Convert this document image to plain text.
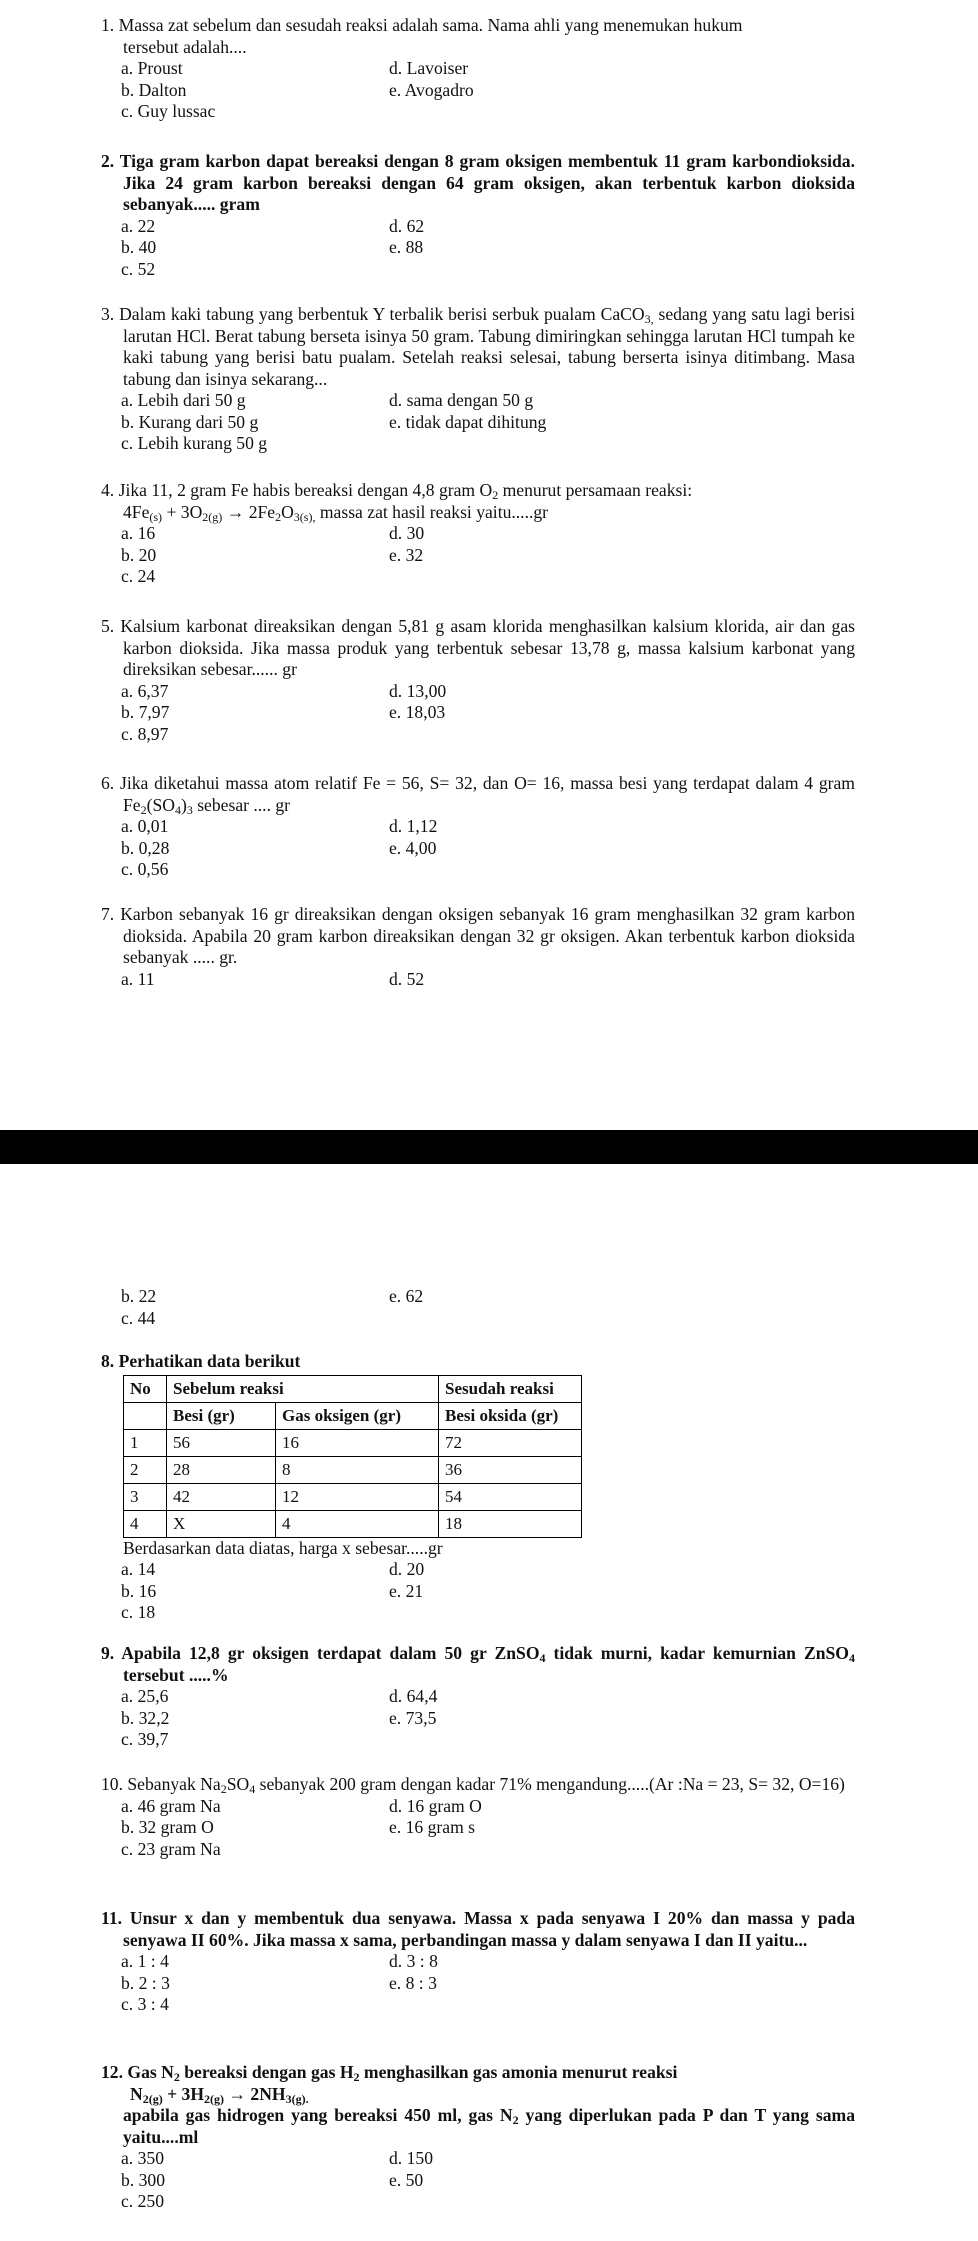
1. Massa zat sebelum dan sesudah reaksi adalah sama. Nama ahli yang menemukan hukum

tersebut adalah....

a. Proust	d. Lavoiser
b. Dalton	e. Avogadro
c. Guy lussac

2. Tiga gram karbon dapat bereaksi dengan 8 gram oksigen membentuk 11 gram karbondioksida. Jika 24 gram karbon bereaksi dengan 64 gram oksigen, akan terbentuk karbon dioksida sebanyak..... gram

a. 22	d. 62
b. 40	e. 88
c. 52

3. Dalam kaki tabung yang berbentuk Y terbalik berisi serbuk pualam CaCO$_{3,}$ sedang yang satu lagi berisi larutan HCl. Berat tabung berseta isinya 50 gram. Tabung dimiringkan sehingga larutan HCl tumpah ke kaki tabung yang berisi batu pualam. Setelah reaksi selesai, tabung berserta isinya ditimbang. Masa tabung dan isinya sekarang...

a. Lebih dari 50 g	d. sama dengan 50 g
b. Kurang dari 50 g	e. tidak dapat dihitung
c. Lebih kurang 50 g

4. Jika 11, 2 gram Fe habis bereaksi dengan 4,8 gram $O_2$ menurut persamaan reaksi:

$4Fe_{(s)} + 3O_{2(g)} \to 2Fe_2O_{3(s),}$ massa zat hasil reaksi yaitu.....gr

a. 16	d. 30
b. 20	e. 32
c. 24

5. Kalsium karbonat direaksikan dengan 5,81 g asam klorida menghasilkan kalsium klorida, air dan gas karbon dioksida. Jika massa produk yang terbentuk sebesar 13,78 g, massa kalsium karbonat yang direksikan sebesar...... gr

a. 6,37	d. 13,00
b. 7,97	e. 18,03
c. 8,97

6. Jika diketahui massa atom relatif Fe = 56, S= 32, dan O= 16, massa besi yang terdapat dalam 4 gram $Fe_2(SO_4)_3$ sebesar .... gr

a. 0,01	d. 1,12
b. 0,28	e. 4,00
c. 0,56

7. Karbon sebanyak 16 gr direaksikan dengan oksigen sebanyak 16 gram menghasilkan 32 gram karbon dioksida. Apabila 20 gram karbon direaksikan dengan 32 gr oksigen. Akan terbentuk karbon dioksida sebanyak ..... gr.

a. 11	d. 52
b. 22	e. 62
c. 44

8. Perhatikan data berikut

No	Sebelum reaksi		Sesudah reaksi
	Besi (gr)	Gas oksigen (gr)	Besi oksida (gr)
1	56	16	72
2	28	8	36
3	42	12	54
4	X	4	18

Berdasarkan data diatas, harga x sebesar.....gr

a. 14	d. 20
b. 16	e. 21
c. 18

9. Apabila 12,8 gr oksigen terdapat dalam 50 gr ZnSO$_4$ tidak murni, kadar kemurnian ZnSO$_4$ tersebut .....%

a. 25,6	d. 64,4
b. 32,2	e. 73,5
c. 39,7

10. Sebanyak $Na_2SO_4$ sebanyak 200 gram dengan kadar 71% mengandung.....(Ar :Na = 23, S= 32, O=16)

a. 46 gram Na	d. 16 gram O
b. 32 gram O	e. 16 gram s
c. 23 gram Na

11. Unsur x dan y membentuk dua senyawa. Massa x pada senyawa I 20% dan massa y pada senyawa II 60%. Jika massa x sama, perbandingan massa y dalam senyawa I dan II yaitu...

a. 1 : 4	d. 3 : 8
b. 2 : 3	e. 8 : 3
c. 3 : 4

12. Gas $N_2$ bereaksi dengan gas $H_2$ menghasilkan gas amonia menurut reaksi

$N_{2(g)} + 3H_{2(g)} \to 2NH_{3(g).}$

apabila gas hidrogen yang bereaksi 450 ml, gas $N_2$ yang diperlukan pada P dan T yang sama yaitu....ml

a. 350	d. 150
b. 300	e. 50
c. 250
